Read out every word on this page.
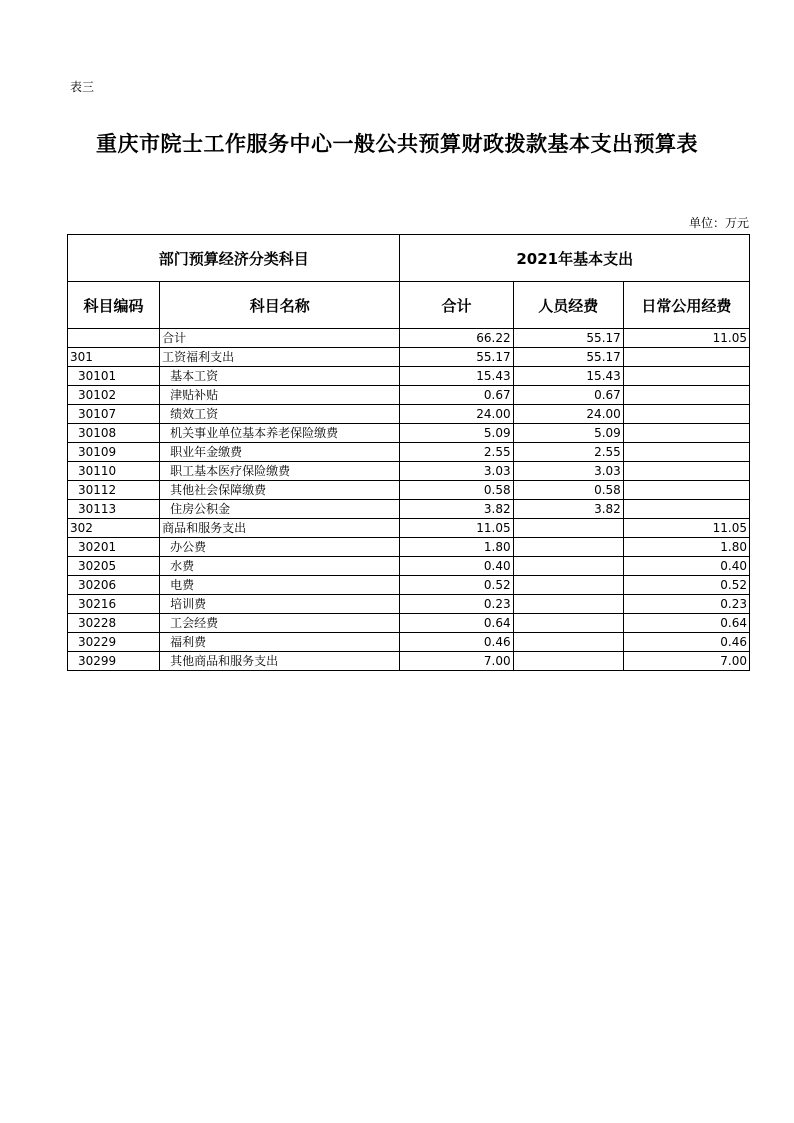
表三
重庆市院士工作服务中心一般公共预算财政拨款基本支出预算表
单位：万元
部门预算经济分类科目		2021年基本支出		
科目编码	科目名称	合计	人员经费	日常公用经费
	合计	66.22	55.17	11.05
301	工资福利支出	55.17	55.17	
30101	基本工资	15.43	15.43	
30102	津贴补贴	0.67	0.67	
30107	绩效工资	24.00	24.00	
30108	机关事业单位基本养老保险缴费	5.09	5.09	
30109	职业年金缴费	2.55	2.55	
30110	职工基本医疗保险缴费	3.03	3.03	
30112	其他社会保障缴费	0.58	0.58	
30113	住房公积金	3.82	3.82	
302	商品和服务支出	11.05		11.05
30201	办公费	1.80		1.80
30205	水费	0.40		0.40
30206	电费	0.52		0.52
30216	培训费	0.23		0.23
30228	工会经费	0.64		0.64
30229	福利费	0.46		0.46
30299	其他商品和服务支出	7.00		7.00
